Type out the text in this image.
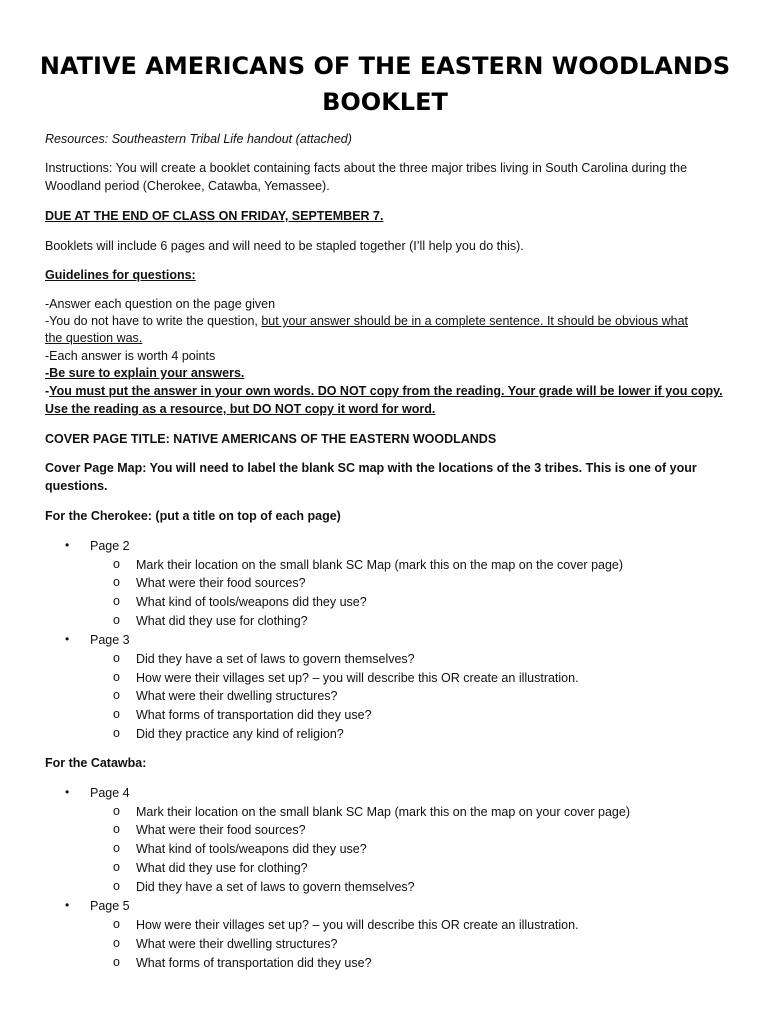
NATIVE AMERICANS OF THE EASTERN WOODLANDS
BOOKLET
Resources: Southeastern Tribal Life handout (attached)
Instructions: You will create a booklet containing facts about the three major tribes living in South Carolina during the
Woodland period (Cherokee, Catawba, Yemassee).
DUE AT THE END OF CLASS ON FRIDAY, SEPTEMBER 7.
Booklets will include 6 pages and will need to be stapled together (I’ll help you do this).
Guidelines for questions:
-Answer each question on the page given
-You do not have to write the question, but your answer should be in a complete sentence. It should be obvious what
the question was.
-Each answer is worth 4 points
-Be sure to explain your answers.
-You must put the answer in your own words. DO NOT copy from the reading. Your grade will be lower if you copy.
Use the reading as a resource, but DO NOT copy it word for word.
COVER PAGE TITLE: NATIVE AMERICANS OF THE EASTERN WOODLANDS
Cover Page Map: You will need to label the blank SC map with the locations of the 3 tribes. This is one of your
questions.
For the Cherokee: (put a title on top of each page)
• Page 2
o Mark their location on the small blank SC Map (mark this on the map on the cover page)
o What were their food sources?
o What kind of tools/weapons did they use?
o What did they use for clothing?
• Page 3
o Did they have a set of laws to govern themselves?
o How were their villages set up? – you will describe this OR create an illustration.
o What were their dwelling structures?
o What forms of transportation did they use?
o Did they practice any kind of religion?
For the Catawba:
• Page 4
o Mark their location on the small blank SC Map (mark this on the map on your cover page)
o What were their food sources?
o What kind of tools/weapons did they use?
o What did they use for clothing?
o Did they have a set of laws to govern themselves?
• Page 5
o How were their villages set up? – you will describe this OR create an illustration.
o What were their dwelling structures?
o What forms of transportation did they use?
